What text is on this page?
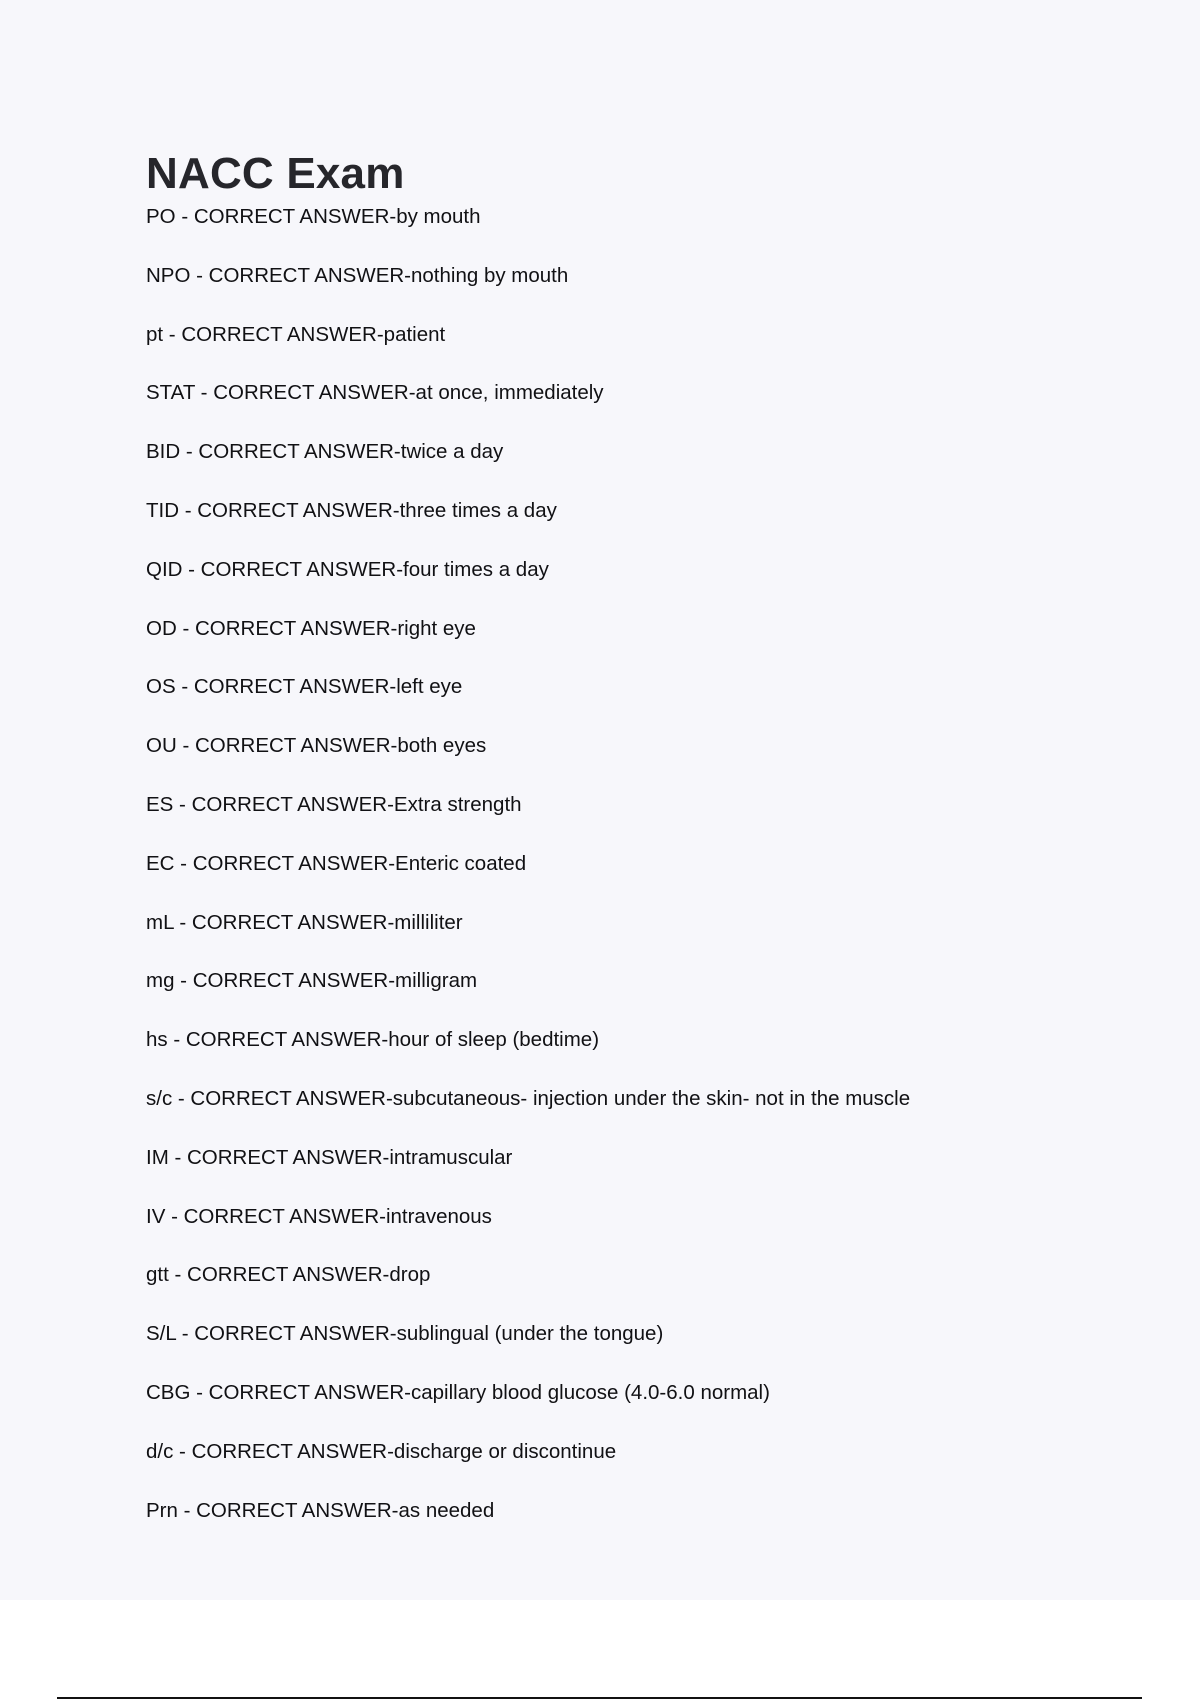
NACC Exam
PO - CORRECT ANSWER-by mouth
NPO - CORRECT ANSWER-nothing by mouth
pt - CORRECT ANSWER-patient
STAT - CORRECT ANSWER-at once, immediately
BID - CORRECT ANSWER-twice a day
TID - CORRECT ANSWER-three times a day
QID - CORRECT ANSWER-four times a day
OD - CORRECT ANSWER-right eye
OS - CORRECT ANSWER-left eye
OU - CORRECT ANSWER-both eyes
ES - CORRECT ANSWER-Extra strength
EC - CORRECT ANSWER-Enteric coated
mL - CORRECT ANSWER-milliliter
mg - CORRECT ANSWER-milligram
hs - CORRECT ANSWER-hour of sleep (bedtime)
s/c - CORRECT ANSWER-subcutaneous- injection under the skin- not in the muscle
IM - CORRECT ANSWER-intramuscular
IV - CORRECT ANSWER-intravenous
gtt - CORRECT ANSWER-drop
S/L - CORRECT ANSWER-sublingual (under the tongue)
CBG - CORRECT ANSWER-capillary blood glucose (4.0-6.0 normal)
d/c - CORRECT ANSWER-discharge or discontinue
Prn - CORRECT ANSWER-as needed
